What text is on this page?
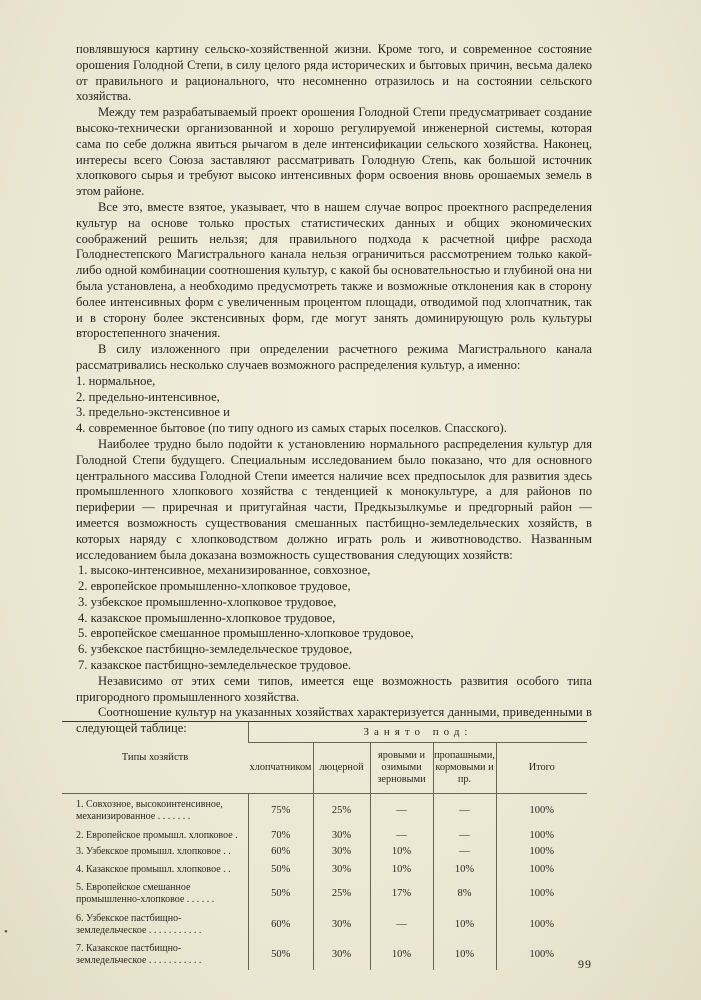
повлявшуюся картину сельско-хозяйственной жизни. Кроме того, и современное состояние орошения Голодной Степи, в силу целого ряда исторических и бытовых причин, весьма далеко от правильного и рационального, что несомненно отразилось и на состоянии сельского хозяйства.

Между тем разрабатываемый проект орошения Голодной Степи предусматривает создание высоко-технически организованной и хорошо регулируемой инженерной системы, которая сама по себе должна явиться рычагом в деле интенсификации сельского хозяйства. Наконец, интересы всего Союза заставляют рассматривать Голодную Степь, как большой источник хлопкового сырья и требуют высоко интенсивных форм освоения вновь орошаемых земель в этом районе.

Все это, вместе взятое, указывает, что в нашем случае вопрос проектного распределения культур на основе только простых статистических данных и общих экономических соображений решить нельзя; для правильного подхода к расчетной цифре расхода Голоднестепского Магистрального канала нельзя ограничиться рассмотрением только какой-либо одной комбинации соотношения культур, с какой бы основательностью и глубиной она ни была установлена, а необходимо предусмотреть также и возможные отклонения как в сторону более интенсивных форм с увеличенным процентом площади, отводимой под хлопчатник, так и в сторону более экстенсивных форм, где могут занять доминирующую роль культуры второстепенного значения.

В силу изложенного при определении расчетного режима Магистрального канала рассматривались несколько случаев возможного распределения культур, а именно:

1. нормальное,
2. предельно-интенсивное,
3. предельно-экстенсивное и
4. современное бытовое (по типу одного из самых старых поселков. Спасского).

Наиболее трудно было подойти к установлению нормального распределения культур для Голодной Степи будущего. Специальным исследованием было показано, что для основного центрального массива Голодной Степи имеется наличие всех предпосылок для развития здесь промышленного хлопкового хозяйства с тенденцией к монокультуре, а для районов по периферии — приречная и притугайная части, Предкызылкумье и предгорный район — имеется возможность существования смешанных пастбищно-земледельческих хозяйств, в которых наряду с хлопководством должно играть роль и животноводство. Названным исследованием была доказана возможность существования следующих хозяйств:

1. высоко-интенсивное, механизированное, совхозное,
2. европейское промышленно-хлопковое трудовое,
3. узбекское промышленно-хлопковое трудовое,
4. казакское промышленно-хлопковое трудовое,
5. европейское смешанное промышленно-хлопковое трудовое,
6. узбекское пастбищно-земледельческое трудовое,
7. казакское пастбищно-земледельческое трудовое.

Независимо от этих семи типов, имеется еще возможность развития особого типа пригородного промышленного хозяйства.

Соотношение культур на указанных хозяйствах характеризуется данными, приведенными в следующей таблице:

Типы хозяйств	Занято под:				
	хлопчатником	люцерной	яровыми и озимыми зерновыми	пропашными, кормовыми и пр.	Итого
1. Совхозное, высокоинтенсивное, механизированное . . . . . . .	75%	25%	—	—	100%
2. Европейское промышл. хлопковое .	70%	30%	—	—	100%
3. Узбекское промышл. хлопковое . .	60%	30%	10%	—	100%
4. Казакское промышл. хлопковое . .	50%	30%	10%	10%	100%
5. Европейское смешанное промышленно-хлопковое . . . . . .	50%	25%	17%	8%	100%
6. Узбекское пастбищно-земледельческое . . . . . . . . . . .	60%	30%	—	10%	100%
7. Казакское пастбищно-земледельческое . . . . . . . . . . .	50%	30%	10%	10%	100%
•
99
